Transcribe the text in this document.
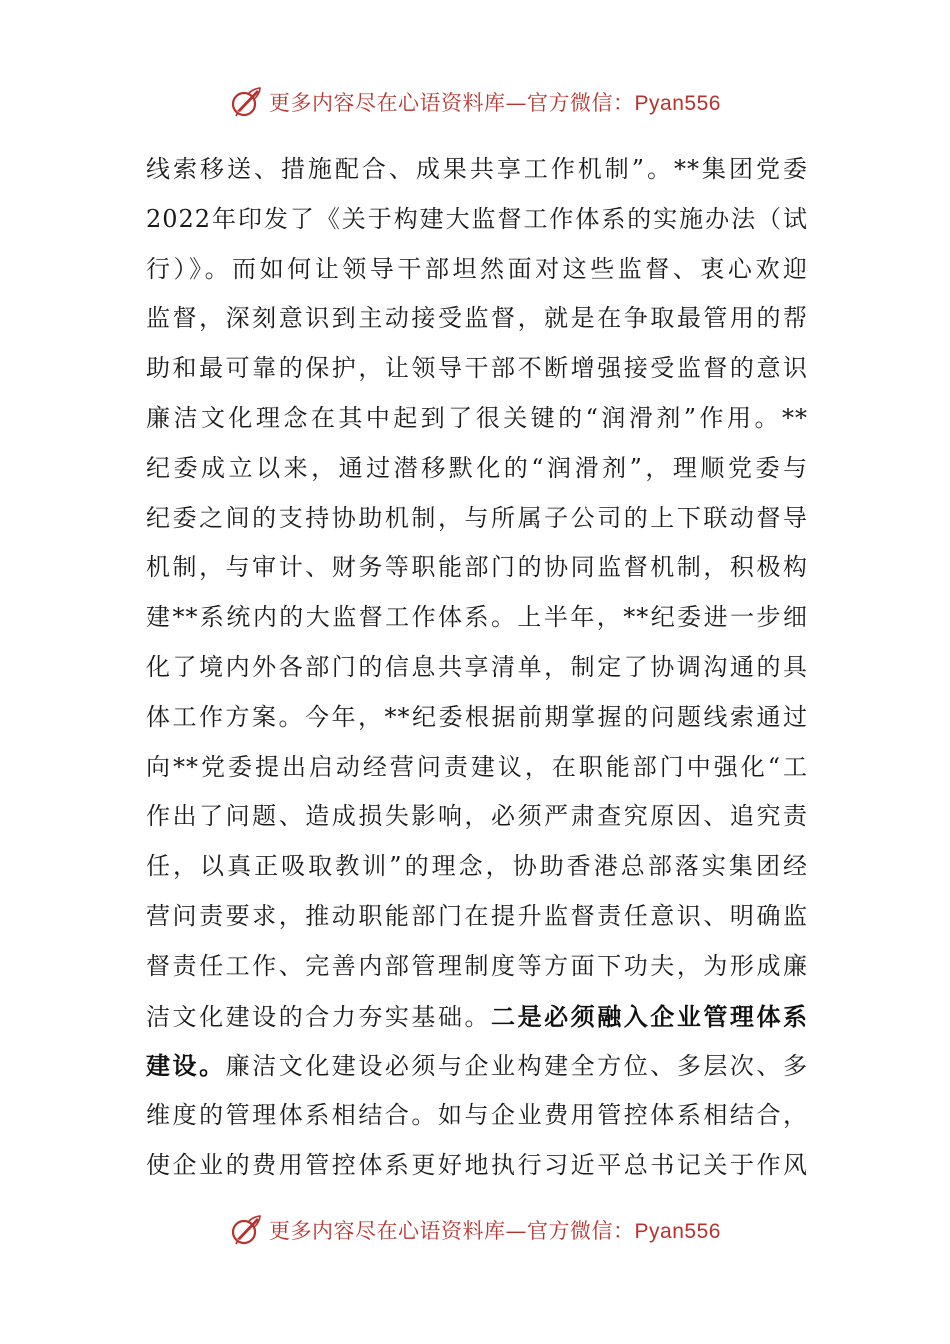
更多内容尽在心语资料库—官方微信：Pyan556
线索移送、措施配合、成果共享工作机制”。**集团党委
2022年印发了《关于构建大监督工作体系的实施办法（试
行）》。而如何让领导干部坦然面对这些监督、衷心欢迎
监督，深刻意识到主动接受监督，就是在争取最管用的帮
助和最可靠的保护，让领导干部不断增强接受监督的意识
廉洁文化理念在其中起到了很关键的“润滑剂”作用。**
纪委成立以来，通过潜移默化的“润滑剂”，理顺党委与
纪委之间的支持协助机制，与所属子公司的上下联动督导
机制，与审计、财务等职能部门的协同监督机制，积极构
建**系统内的大监督工作体系。上半年，**纪委进一步细
化了境内外各部门的信息共享清单，制定了协调沟通的具
体工作方案。今年，**纪委根据前期掌握的问题线索通过
向**党委提出启动经营问责建议，在职能部门中强化“工
作出了问题、造成损失影响，必须严肃查究原因、追究责
任，以真正吸取教训”的理念，协助香港总部落实集团经
营问责要求，推动职能部门在提升监督责任意识、明确监
督责任工作、完善内部管理制度等方面下功夫，为形成廉
洁文化建设的合力夯实基础。二是必须融入企业管理体系
建设。廉洁文化建设必须与企业构建全方位、多层次、多
维度的管理体系相结合。如与企业费用管控体系相结合，
使企业的费用管控体系更好地执行习近平总书记关于作风
更多内容尽在心语资料库—官方微信：Pyan556
